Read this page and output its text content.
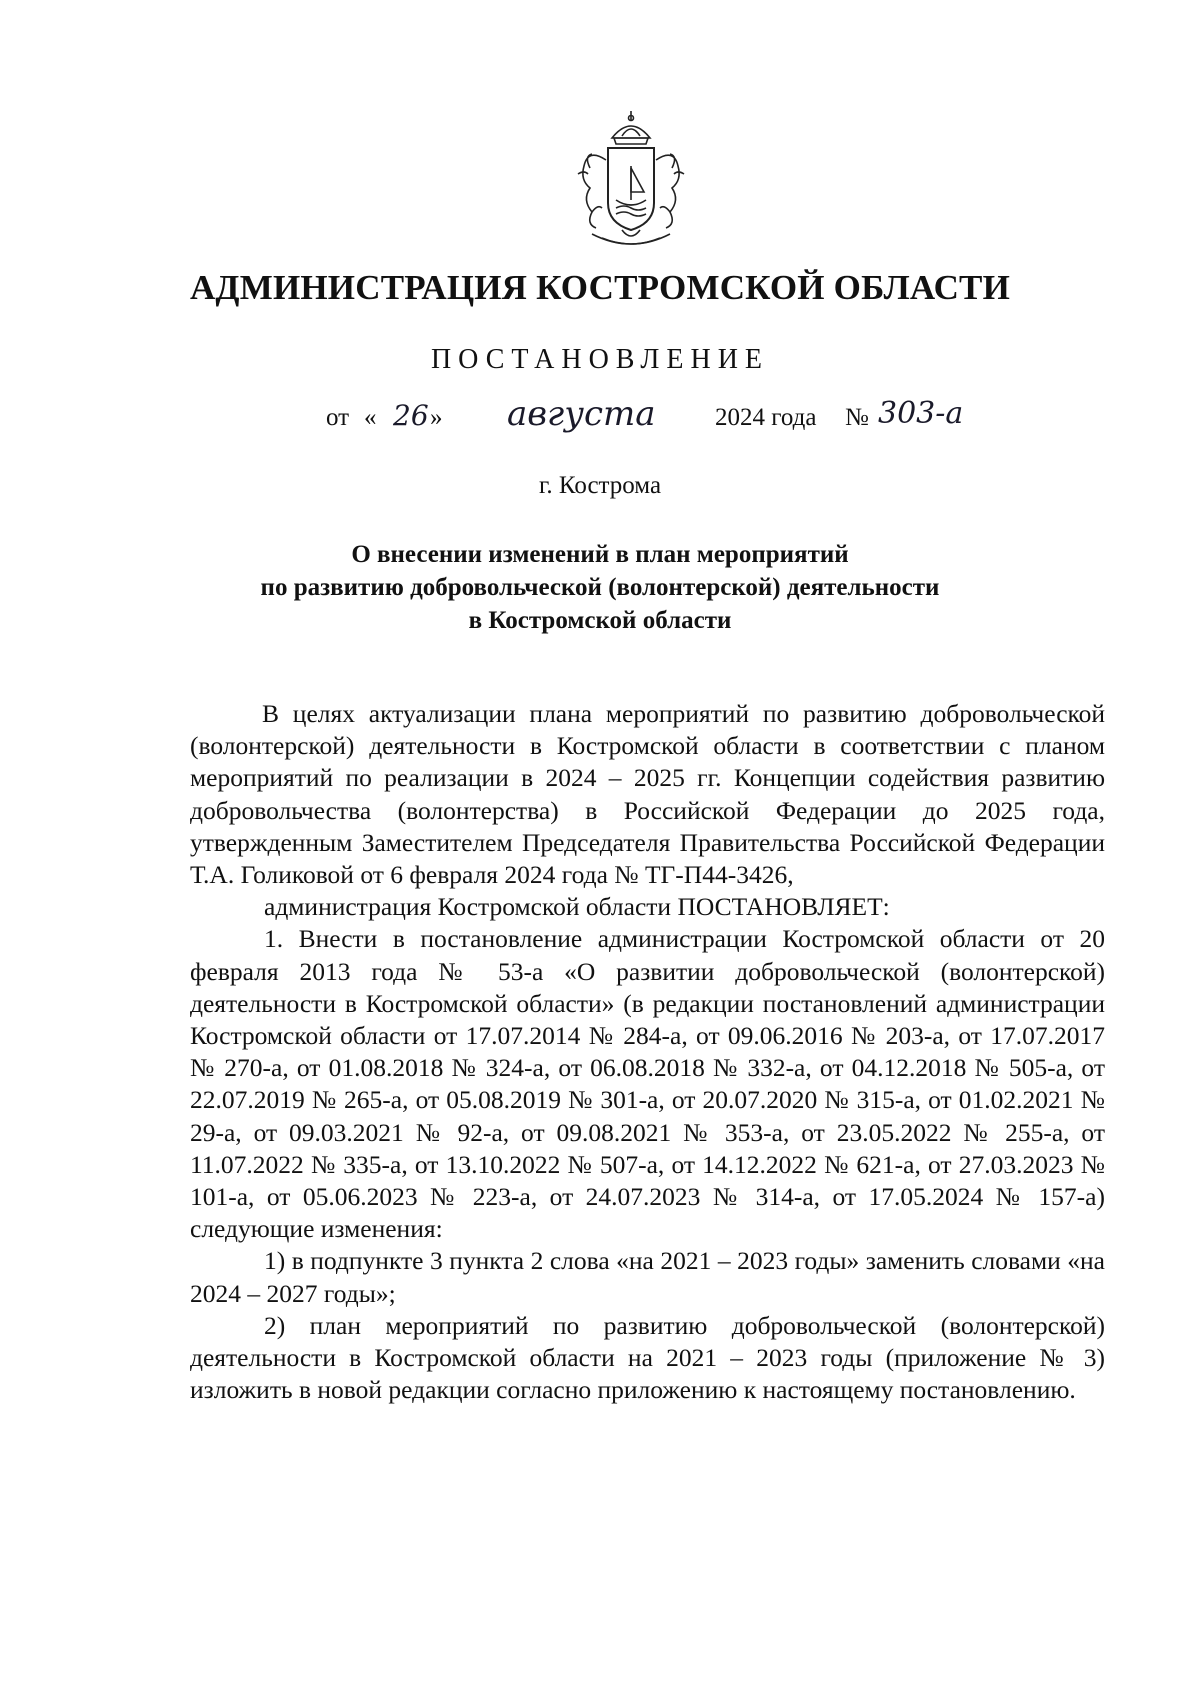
АДМИНИСТРАЦИЯ КОСТРОМСКОЙ ОБЛАСТИ
ПОСТАНОВЛЕНИЕ
от « 26 » августа 2024 года № 303-а
г. Кострома
О внесении изменений в план мероприятий
по развитию добровольческой (волонтерской) деятельности
в Костромской области

В целях актуализации плана мероприятий по развитию добровольческой (волонтерской) деятельности в Костромской области в соответствии с планом мероприятий по реализации в 2024 – 2025 гг. Концепции содействия развитию добровольчества (волонтерства) в Российской Федерации до 2025 года, утвержденным Заместителем Председателя Правительства Российской Федерации Т.А. Голиковой от 6 февраля 2024 года № ТГ-П44-3426,

администрация Костромской области ПОСТАНОВЛЯЕТ:

1. Внести в постановление администрации Костромской области от 20 февраля 2013 года № 53-а «О развитии добровольческой (волонтерской) деятельности в Костромской области» (в редакции постановлений администрации Костромской области от 17.07.2014 № 284-а, от 09.06.2016 № 203-а, от 17.07.2017 № 270-а, от 01.08.2018 № 324-а, от 06.08.2018 № 332-а, от 04.12.2018 № 505-а, от 22.07.2019 № 265-а, от 05.08.2019 № 301-а, от 20.07.2020 № 315-а, от 01.02.2021 № 29-а, от 09.03.2021 № 92-а, от 09.08.2021 № 353-а, от 23.05.2022 № 255-а, от 11.07.2022 № 335-а, от 13.10.2022 № 507-а, от 14.12.2022 № 621-а, от 27.03.2023 № 101-а, от 05.06.2023 № 223-а, от 24.07.2023 № 314-а, от 17.05.2024 № 157-а) следующие изменения:

1) в подпункте 3 пункта 2 слова «на 2021 – 2023 годы» заменить словами «на 2024 – 2027 годы»;

2) план мероприятий по развитию добровольческой (волонтерской) деятельности в Костромской области на 2021 – 2023 годы (приложение № 3) изложить в новой редакции согласно приложению к настоящему постановлению.
